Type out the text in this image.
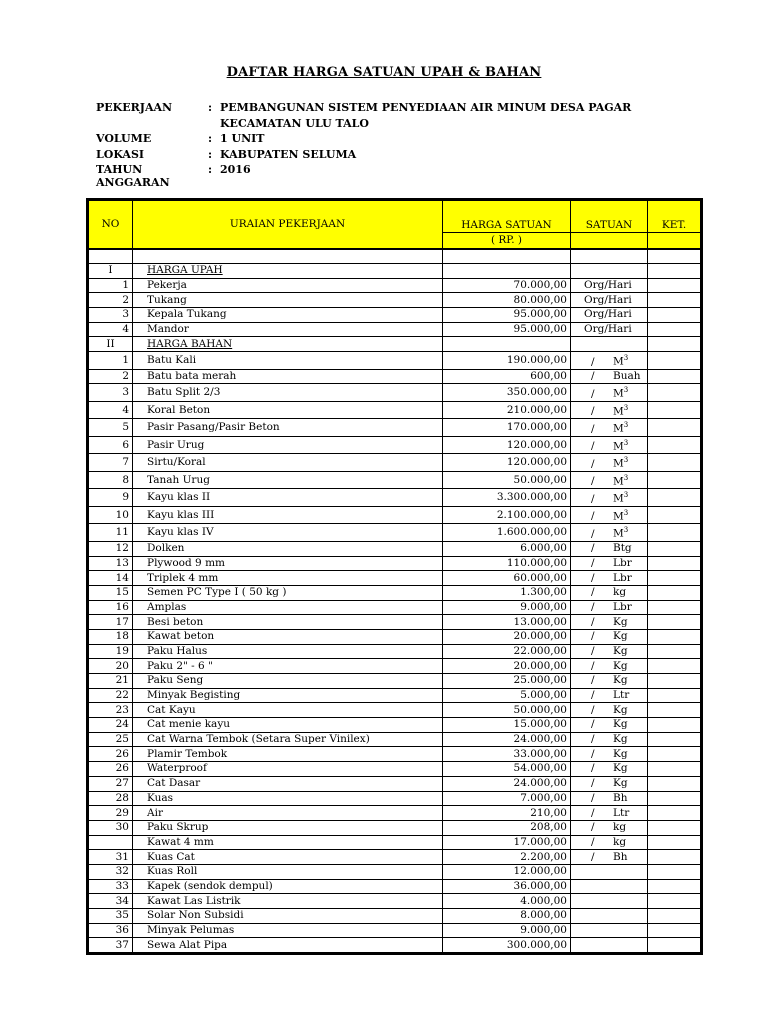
DAFTAR HARGA SATUAN UPAH & BAHAN
PEKERJAAN	:	PEMBANGUNAN SISTEM PENYEDIAAN AIR MINUM DESA PAGAR
		KECAMATAN ULU TALO
VOLUME	:	1 UNIT
LOKASI	:	KABUPATEN SELUMA
TAHUN ANGGARAN	:	2016
NO	URAIAN PEKERJAAN	HARGA SATUAN	SATUAN	KET.
		( RP. )		

I	HARGA UPAH			
1	Pekerja	70.000,00	Org/Hari	
2	Tukang	80.000,00	Org/Hari	
3	Kepala Tukang	95.000,00	Org/Hari	
4	Mandor	95.000,00	Org/Hari	
II	HARGA BAHAN			
1	Batu Kali	190.000,00	/ $M^3$	
2	Batu bata merah	600,00	/ Buah	
3	Batu Split 2/3	350.000,00	/ $M^3$	
4	Koral Beton	210.000,00	/ $M^3$	
5	Pasir Pasang/Pasir Beton	170.000,00	/ $M^3$	
6	Pasir Urug	120.000,00	/ $M^3$	
7	Sirtu/Koral	120.000,00	/ $M^3$	
8	Tanah Urug	50.000,00	/ $M^3$	
9	Kayu klas II	3.300.000,00	/ $M^3$	
10	Kayu klas III	2.100.000,00	/ $M^3$	
11	Kayu klas IV	1.600.000,00	/ $M^3$	
12	Dolken	6.000,00	/ Btg	
13	Plywood 9 mm	110.000,00	/ Lbr	
14	Triplek 4 mm	60.000,00	/ Lbr	
15	Semen PC Type I ( 50 kg )	1.300,00	/ kg	
16	Amplas	9.000,00	/ Lbr	
17	Besi beton	13.000,00	/ Kg	
18	Kawat beton	20.000,00	/ Kg	
19	Paku Halus	22.000,00	/ Kg	
20	Paku 2" - 6 "	20.000,00	/ Kg	
21	Paku Seng	25.000,00	/ Kg	
22	Minyak Begisting	5.000,00	/ Ltr	
23	Cat Kayu	50.000,00	/ Kg	
24	Cat menie kayu	15.000,00	/ Kg	
25	Cat Warna Tembok (Setara Super Vinilex)	24.000,00	/ Kg	
26	Plamir Tembok	33.000,00	/ Kg	
26	Waterproof	54.000,00	/ Kg	
27	Cat Dasar	24.000,00	/ Kg	
28	Kuas	7.000,00	/ Bh	
29	Air	210,00	/ Ltr	
30	Paku Skrup	208,00	/ kg	
	Kawat 4 mm	17.000,00	/ kg	
31	Kuas Cat	2.200,00	/ Bh	
32	Kuas Roll	12.000,00		
33	Kapek (sendok dempul)	36.000,00		
34	Kawat Las Listrik	4.000,00		
35	Solar Non Subsidi	8.000,00		
36	Minyak Pelumas	9.000,00		
37	Sewa Alat Pipa	300.000,00		
